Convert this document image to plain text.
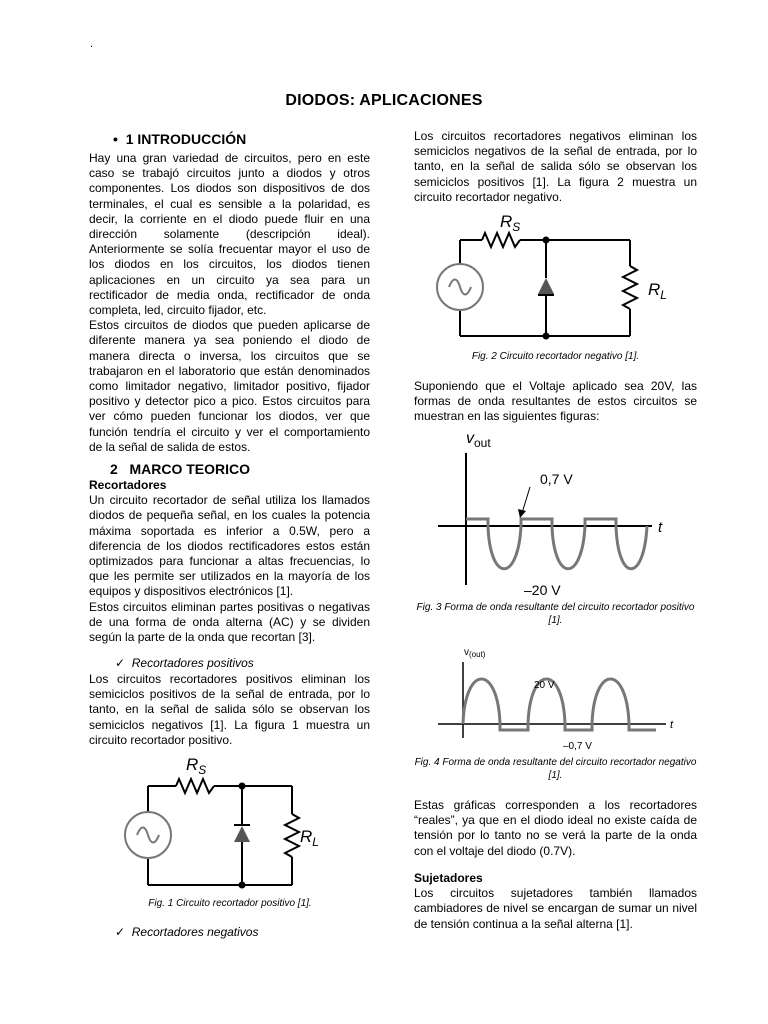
.
DIODOS: APLICACIONES
• 1 INTRODUCCIÓN

Hay una gran variedad de circuitos, pero en este caso se trabajó circuitos junto a diodos y otros componentes. Los diodos son dispositivos de dos terminales, el cual es sensible a la polaridad, es decir, la corriente en el diodo puede fluir en una dirección solamente (descripción ideal). Anteriormente se solía frecuentar mayor el uso de los diodos en los circuitos, los diodos tienen aplicaciones en un circuito ya sea para un rectificador de media onda, rectificador de onda completa, led, circuito fijador, etc.

Estos circuitos de diodos que pueden aplicarse de diferente manera ya sea poniendo el diodo de manera directa o inversa, los circuitos que se trabajaron en el laboratorio que están denominados como limitador negativo, limitador positivo, fijador positivo y detector pico a pico. Estos circuitos para ver cómo pueden funcionar los diodos, ver que función tendría el circuito y ver el comportamiento de la señal de salida de estos.

2 MARCO TEORICO
Recortadores

Un circuito recortador de señal utiliza los llamados diodos de pequeña señal, en los cuales la potencia máxima soportada es inferior a 0.5W, pero a diferencia de los diodos rectificadores estos están optimizados para funcionar a altas frecuencias, lo que les permite ser utilizados en la mayoría de los equipos y dispositivos electrónicos [1].

Estos circuitos eliminan partes positivas o negativas de una forma de onda alterna (AC) y se dividen según la parte de la onda que recortan [3].

✓ Recortadores positivos

Los circuitos recortadores positivos eliminan los semiciclos positivos de la señal de entrada, por lo tanto, en la señal de salida sólo se observan los semiciclos negativos [1]. La figura 1 muestra un circuito recortador positivo.

$R_S$
$R_L$
Fig. 1 Circuito recortador positivo [1].
✓ Recortadores negativos

Los circuitos recortadores negativos eliminan los semiciclos negativos de la señal de entrada, por lo tanto, en la señal de salida sólo se observan los semiciclos positivos [1]. La figura 2 muestra un circuito recortador negativo.

$R_S$
$R_L$
Fig. 2 Circuito recortador negativo [1].

Suponiendo que el Voltaje aplicado sea 20V, las formas de onda resultantes de estos circuitos se muestran en las siguientes figuras:

$v_{out}$
0,7 V
t
–20 V
Fig. 3 Forma de onda resultante del circuito recortador positivo [1].
$v_{(out)}$
20 V
t
–0,7 V
Fig. 4 Forma de onda resultante del circuito recortador negativo [1].

Estas gráficas corresponden a los recortadores “reales”, ya que en el diodo ideal no existe caída de tensión por lo tanto no se verá la parte de la onda con el voltaje del diodo (0.7V).

Sujetadores

Los circuitos sujetadores también llamados cambiadores de nivel se encargan de sumar un nivel de tensión continua a la señal alterna [1].
